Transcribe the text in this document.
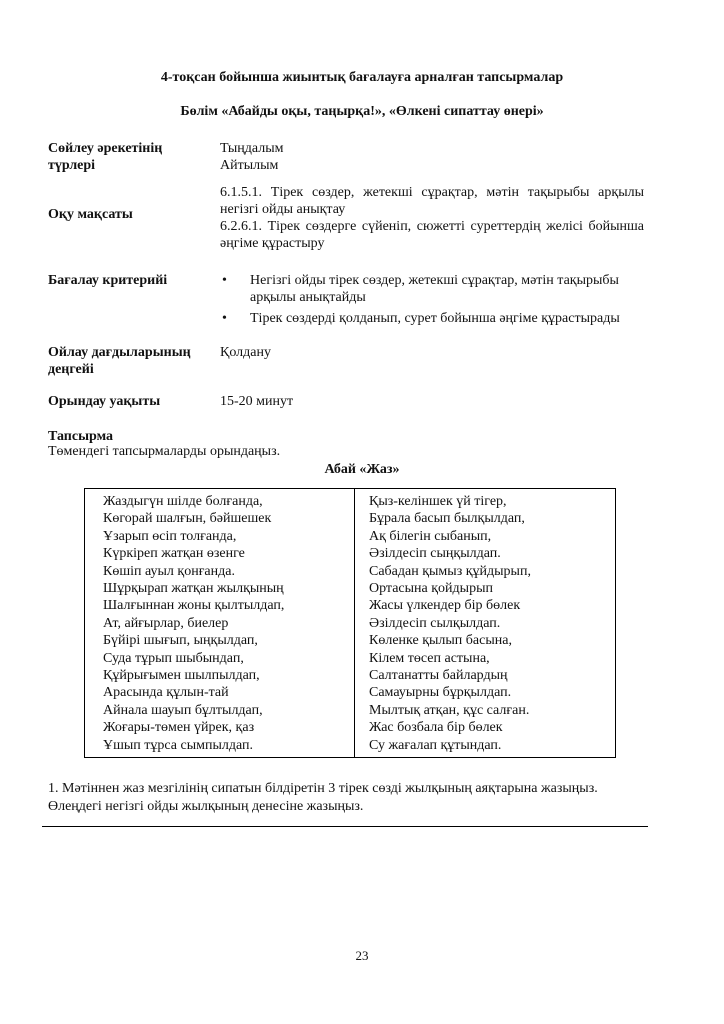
4-тоқсан бойынша жиынтық бағалауға арналған тапсырмалар
Бөлім «Абайды оқы, таңырқа!», «Өлкені сипаттау өнері»
Сөйлеу әрекетінің
түрлері
Тыңдалым
Айтылым
Оқу мақсаты
6.1.5.1. Тірек сөздер, жетекші сұрақтар, мәтін тақырыбы арқылы негізгі ойды анықтау
6.2.6.1. Тірек сөздерге сүйеніп, сюжетті суреттердің желісі бойынша әңгіме құрастыру
Бағалау критерийі	• Негізгі ойды тірек сөздер, жетекші сұрақтар, мәтін тақырыбы арқылы анықтайды
• Тірек сөздерді қолданып, сурет бойынша әңгіме құрастырады
Ойлау дағдыларының
деңгейі
Қолдану
Орындау уақыты	15-20 минут
Тапсырма
Төмендегі тапсырмаларды орындаңыз.
Абай «Жаз»
Жаздыгүн шілде болғанда,
Көгорай шалғын, бәйшешек
Ұзарып өсіп толғанда,
Күркіреп жатқан өзенге
Көшіп ауыл қонғанда.
Шұрқырап жатқан жылқының
Шалғыннан жоны қылтылдап,
Ат, айғырлар, биелер
Бүйірі шығып, ыңқылдап,
Суда тұрып шыбындап,
Құйрығымен шылпылдап,
Арасында құлын-тай
Айнала шауып бұлтылдап,
Жоғары-төмен үйрек, қаз
Ұшып тұрса сымпылдап.
Қыз-келіншек үй тігер,
Бұрала басып былқылдап,
Ақ білегін сыбанып,
Әзілдесіп сыңқылдап.
Сабадан қымыз құйдырып,
Ортасына қойдырып
Жасы үлкендер бір бөлек
Әзілдесіп сылқылдап.
Көленке қылып басына,
Кілем төсеп астына,
Салтанатты байлардың
Самауырны бұрқылдап.
Мылтық атқан, құс салған.
Жас бозбала бір бөлек
Су жағалап құтындап.
1. Мәтіннен жаз мезгілінің сипатын білдіретін 3 тірек сөзді жылқының аяқтарына жазыңыз.
Өлеңдегі негізгі ойды жылқының денесіне жазыңыз.
23
